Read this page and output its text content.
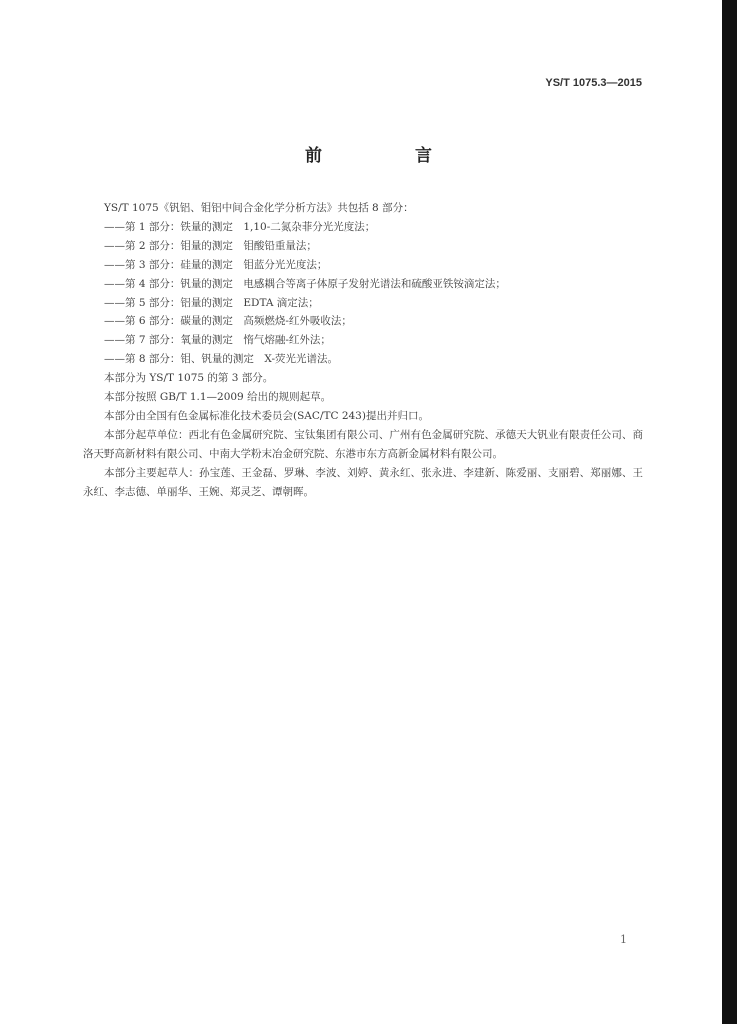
YS/T 1075.3—2015
前　言

YS/T 1075《钒铝、钼铝中间合金化学分析方法》共包括 8 部分：

——第 1 部分：铁量的测定　1,10-二氮杂菲分光光度法；

——第 2 部分：钼量的测定　钼酸铅重量法；

——第 3 部分：硅量的测定　钼蓝分光光度法；

——第 4 部分：钒量的测定　电感耦合等离子体原子发射光谱法和硫酸亚铁铵滴定法；

——第 5 部分：铝量的测定　EDTA 滴定法；

——第 6 部分：碳量的测定　高频燃烧-红外吸收法；

——第 7 部分：氧量的测定　惰气熔融-红外法；

——第 8 部分：钼、钒量的测定　X-荧光光谱法。

本部分为 YS/T 1075 的第 3 部分。

本部分按照 GB/T 1.1—2009 给出的规则起草。

本部分由全国有色金属标准化技术委员会(SAC/TC 243)提出并归口。

本部分起草单位：西北有色金属研究院、宝钛集团有限公司、广州有色金属研究院、承德天大钒业有限责任公司、商洛天野高新材料有限公司、中南大学粉末冶金研究院、东港市东方高新金属材料有限公司。

本部分主要起草人：孙宝莲、王金磊、罗琳、李波、刘婷、黄永红、张永进、李建新、陈爱丽、支丽碧、郑丽娜、王永红、李志德、单丽华、王婉、郑灵芝、谭朝晖。

1
